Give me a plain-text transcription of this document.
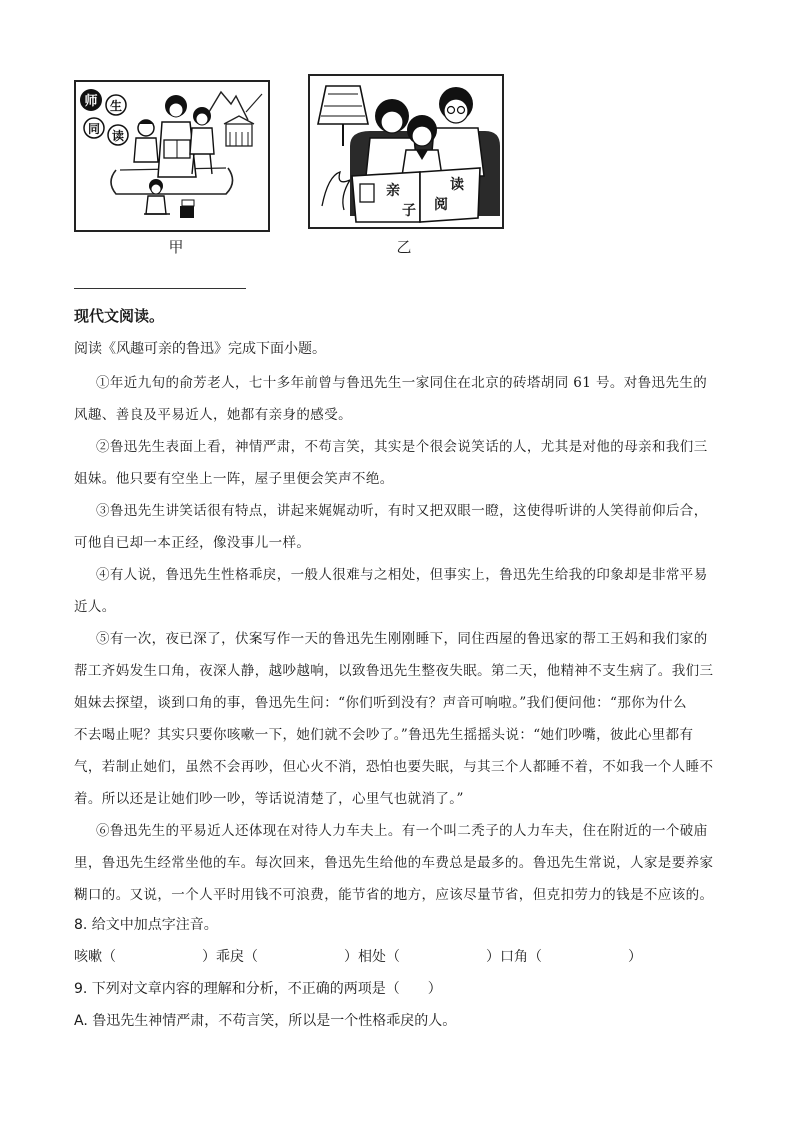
师 生
同 读
甲
亲
子 阅
读
乙
现代文阅读。
阅读《风趣可亲的鲁迅》完成下面小题。
①年近九旬的俞芳老人，七十多年前曾与鲁迅先生一家同住在北京的砖塔胡同 61 号。对鲁迅先生的
风趣、善良及平易近人，她都有亲身的感受。
②鲁迅先生表面上看，神情严肃，不苟言笑，其实是个很会说笑话的人，尤其是对他的母亲和我们三
姐妹。他只要有空坐上一阵，屋子里便会笑声不绝。
③鲁迅先生讲笑话很有特点，讲起来娓娓动听，有时又把双眼一瞪，这使得听讲的人笑得前仰后合，
可他自已却一本正经，像没事儿一样。
④有人说，鲁迅先生性格乖戾，一般人很难与之相处，但事实上，鲁迅先生给我的印象却是非常平易
近人。
⑤有一次，夜已深了，伏案写作一天的鲁迅先生刚刚睡下，同住西屋的鲁迅家的帮工王妈和我们家的
帮工齐妈发生口角，夜深人静，越吵越响，以致鲁迅先生整夜失眠。第二天，他精神不支生病了。我们三
姐妹去探望，谈到口角的事，鲁迅先生问：“你们听到没有？声音可响啦。”我们便问他：“那你为什么
不去喝止呢？其实只要你咳嗽一下，她们就不会吵了。”鲁迅先生摇摇头说：“她们吵嘴，彼此心里都有
气，若制止她们，虽然不会再吵，但心火不消，恐怕也要失眠，与其三个人都睡不着，不如我一个人睡不
着。所以还是让她们吵一吵，等话说清楚了，心里气也就消了。”
⑥鲁迅先生的平易近人还体现在对待人力车夫上。有一个叫二秃子的人力车夫，住在附近的一个破庙
里，鲁迅先生经常坐他的车。每次回来，鲁迅先生给他的车费总是最多的。鲁迅先生常说，人家是要养家
糊口的。又说，一个人平时用钱不可浪费，能节省的地方，应该尽量节省，但克扣劳力的钱是不应该的。
8. 给文中加点字注音。
咳嗽（	）乖戾（	）相处（	）口角（	）
9. 下列对文章内容的理解和分析，不正确的两项是（　　）
A. 鲁迅先生神情严肃，不苟言笑，所以是一个性格乖戾的人。
